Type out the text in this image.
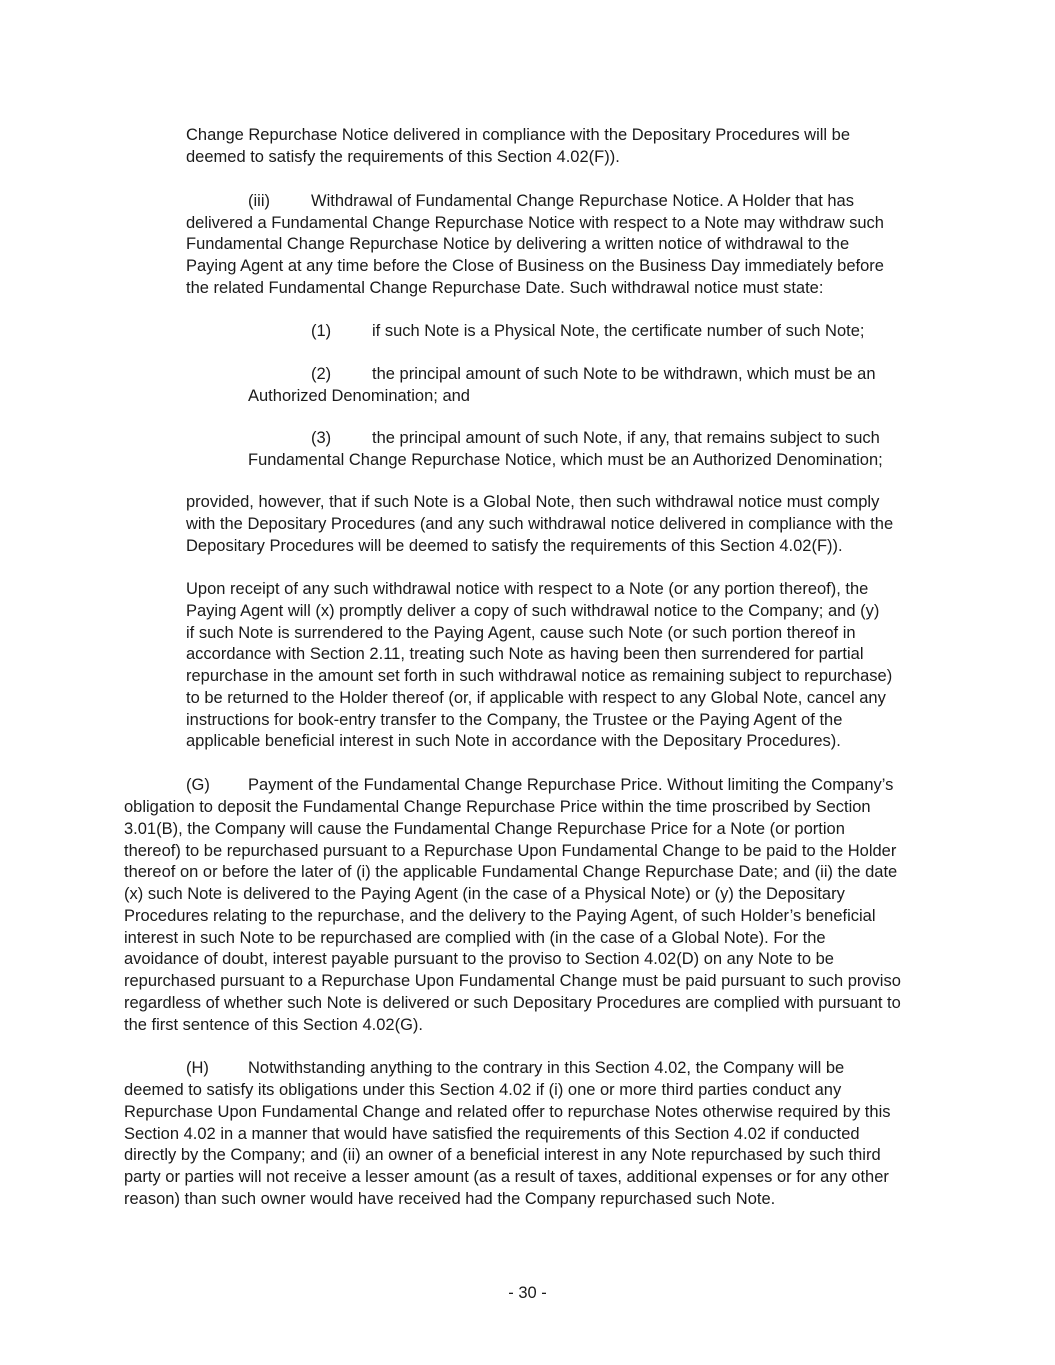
Change Repurchase Notice delivered in compliance with the Depositary Procedures will be

deemed to satisfy the requirements of this Section 4.02(F)).

(iii) Withdrawal of Fundamental Change Repurchase Notice. A Holder that has

delivered a Fundamental Change Repurchase Notice with respect to a Note may withdraw such

Fundamental Change Repurchase Notice by delivering a written notice of withdrawal to the

Paying Agent at any time before the Close of Business on the Business Day immediately before

the related Fundamental Change Repurchase Date. Such withdrawal notice must state:

(1) if such Note is a Physical Note, the certificate number of such Note;

(2) the principal amount of such Note to be withdrawn, which must be an

Authorized Denomination; and

(3) the principal amount of such Note, if any, that remains subject to such

Fundamental Change Repurchase Notice, which must be an Authorized Denomination;

provided, however, that if such Note is a Global Note, then such withdrawal notice must comply

with the Depositary Procedures (and any such withdrawal notice delivered in compliance with the

Depositary Procedures will be deemed to satisfy the requirements of this Section 4.02(F)).

Upon receipt of any such withdrawal notice with respect to a Note (or any portion thereof), the

Paying Agent will (x) promptly deliver a copy of such withdrawal notice to the Company; and (y)

if such Note is surrendered to the Paying Agent, cause such Note (or such portion thereof in

accordance with Section 2.11, treating such Note as having been then surrendered for partial

repurchase in the amount set forth in such withdrawal notice as remaining subject to repurchase)

to be returned to the Holder thereof (or, if applicable with respect to any Global Note, cancel any

instructions for book-entry transfer to the Company, the Trustee or the Paying Agent of the

applicable beneficial interest in such Note in accordance with the Depositary Procedures).

(G) Payment of the Fundamental Change Repurchase Price. Without limiting the Company’s

obligation to deposit the Fundamental Change Repurchase Price within the time proscribed by Section

3.01(B), the Company will cause the Fundamental Change Repurchase Price for a Note (or portion

thereof) to be repurchased pursuant to a Repurchase Upon Fundamental Change to be paid to the Holder

thereof on or before the later of (i) the applicable Fundamental Change Repurchase Date; and (ii) the date

(x) such Note is delivered to the Paying Agent (in the case of a Physical Note) or (y) the Depositary

Procedures relating to the repurchase, and the delivery to the Paying Agent, of such Holder’s beneficial

interest in such Note to be repurchased are complied with (in the case of a Global Note). For the

avoidance of doubt, interest payable pursuant to the proviso to Section 4.02(D) on any Note to be

repurchased pursuant to a Repurchase Upon Fundamental Change must be paid pursuant to such proviso

regardless of whether such Note is delivered or such Depositary Procedures are complied with pursuant to

the first sentence of this Section 4.02(G).

(H) Notwithstanding anything to the contrary in this Section 4.02, the Company will be

deemed to satisfy its obligations under this Section 4.02 if (i) one or more third parties conduct any

Repurchase Upon Fundamental Change and related offer to repurchase Notes otherwise required by this

Section 4.02 in a manner that would have satisfied the requirements of this Section 4.02 if conducted

directly by the Company; and (ii) an owner of a beneficial interest in any Note repurchased by such third

party or parties will not receive a lesser amount (as a result of taxes, additional expenses or for any other

reason) than such owner would have received had the Company repurchased such Note.

- 30 -
